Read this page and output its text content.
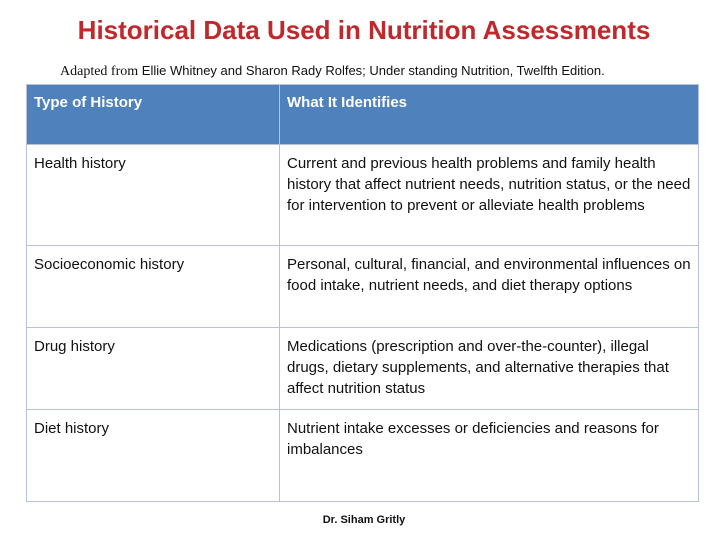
Historical Data Used in Nutrition Assessments
Adapted from Ellie Whitney and Sharon Rady Rolfes; Under standing Nutrition, Twelfth Edition.
Type of History	What It Identifies
Health history	Current and previous health problems and family health history that affect nutrient needs, nutrition status, or the need for intervention to prevent or alleviate health problems
Socioeconomic history	Personal, cultural, financial, and environmental influences on food intake, nutrient needs, and diet therapy options
Drug history	Medications (prescription and over-the-counter), illegal drugs, dietary supplements, and alternative therapies that affect nutrition status
Diet history	Nutrient intake excesses or deficiencies and reasons for imbalances
Dr. Siham Gritly
